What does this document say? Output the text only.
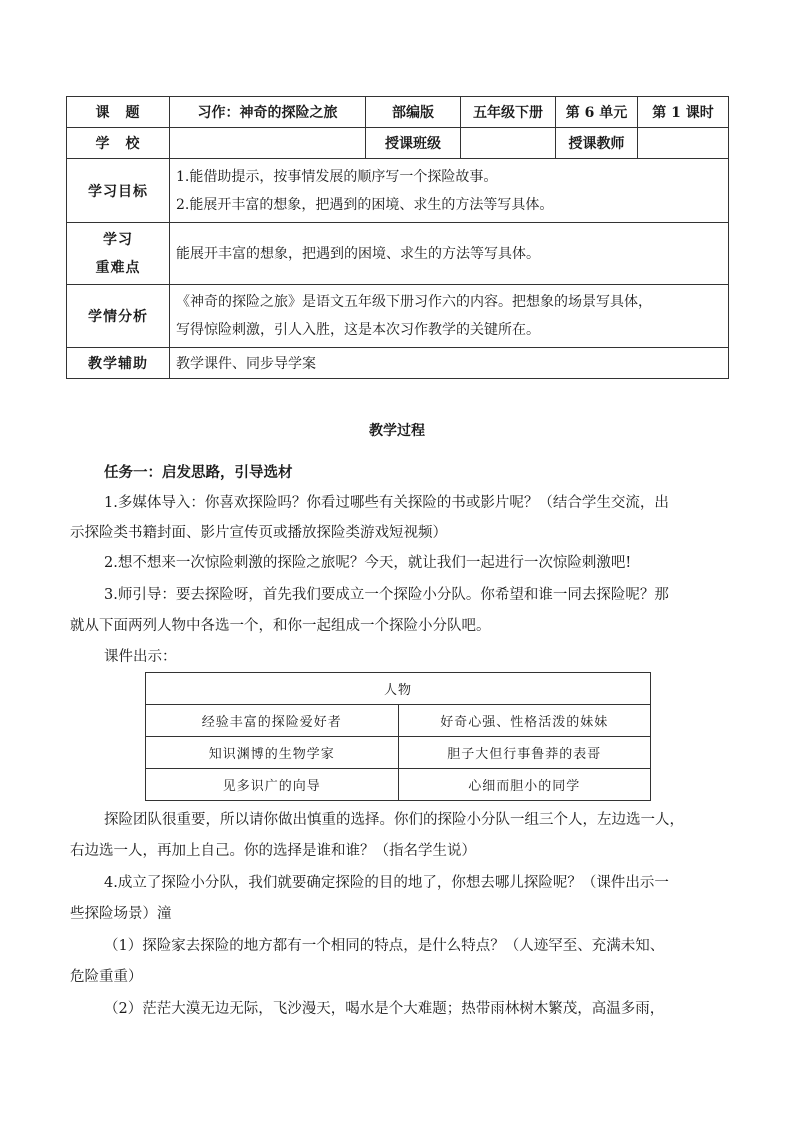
课　题	习作：神奇的探险之旅	部编版	五年级下册	第 6 单元	第 1 课时
学　校		授课班级		授课教师	
学习目标	1.能借助提示，按事情发展的顺序写一个探险故事。
2.能展开丰富的想象，把遇到的困境、求生的方法等写具体。				

学习
重难点	能展开丰富的想象，把遇到的困境、求生的方法等写具体。				
学情分析	《神奇的探险之旅》是语文五年级下册习作六的内容。把想象的场景写具体，
写得惊险刺激，引人入胜，这是本次习作教学的关键所在。				

教学辅助	教学课件、同步导学案				
教学过程

任务一：启发思路，引导选材

1.多媒体导入：你喜欢探险吗？你看过哪些有关探险的书或影片呢？（结合学生交流，出

示探险类书籍封面、影片宣传页或播放探险类游戏短视频）

2.想不想来一次惊险刺激的探险之旅呢？今天，就让我们一起进行一次惊险刺激吧!

3.师引导：要去探险呀，首先我们要成立一个探险小分队。你希望和谁一同去探险呢？那

就从下面两列人物中各选一个，和你一起组成一个探险小分队吧。

课件出示：

人物	
经验丰富的探险爱好者	好奇心强、性格活泼的妹妹
知识渊博的生物学家	胆子大但行事鲁莽的表哥
见多识广的向导	心细而胆小的同学

探险团队很重要，所以请你做出慎重的选择。你们的探险小分队一组三个人，左边选一人，

右边选一人，再加上自己。你的选择是谁和谁？（指名学生说）

4.成立了探险小分队，我们就要确定探险的目的地了，你想去哪儿探险呢？（课件出示一

些探险场景）潼

（1）探险家去探险的地方都有一个相同的特点，是什么特点？（人迹罕至、充满未知、

危险重重）

（2）茫茫大漠无边无际，飞沙漫天，喝水是个大难题；热带雨林树木繁茂，高温多雨，
